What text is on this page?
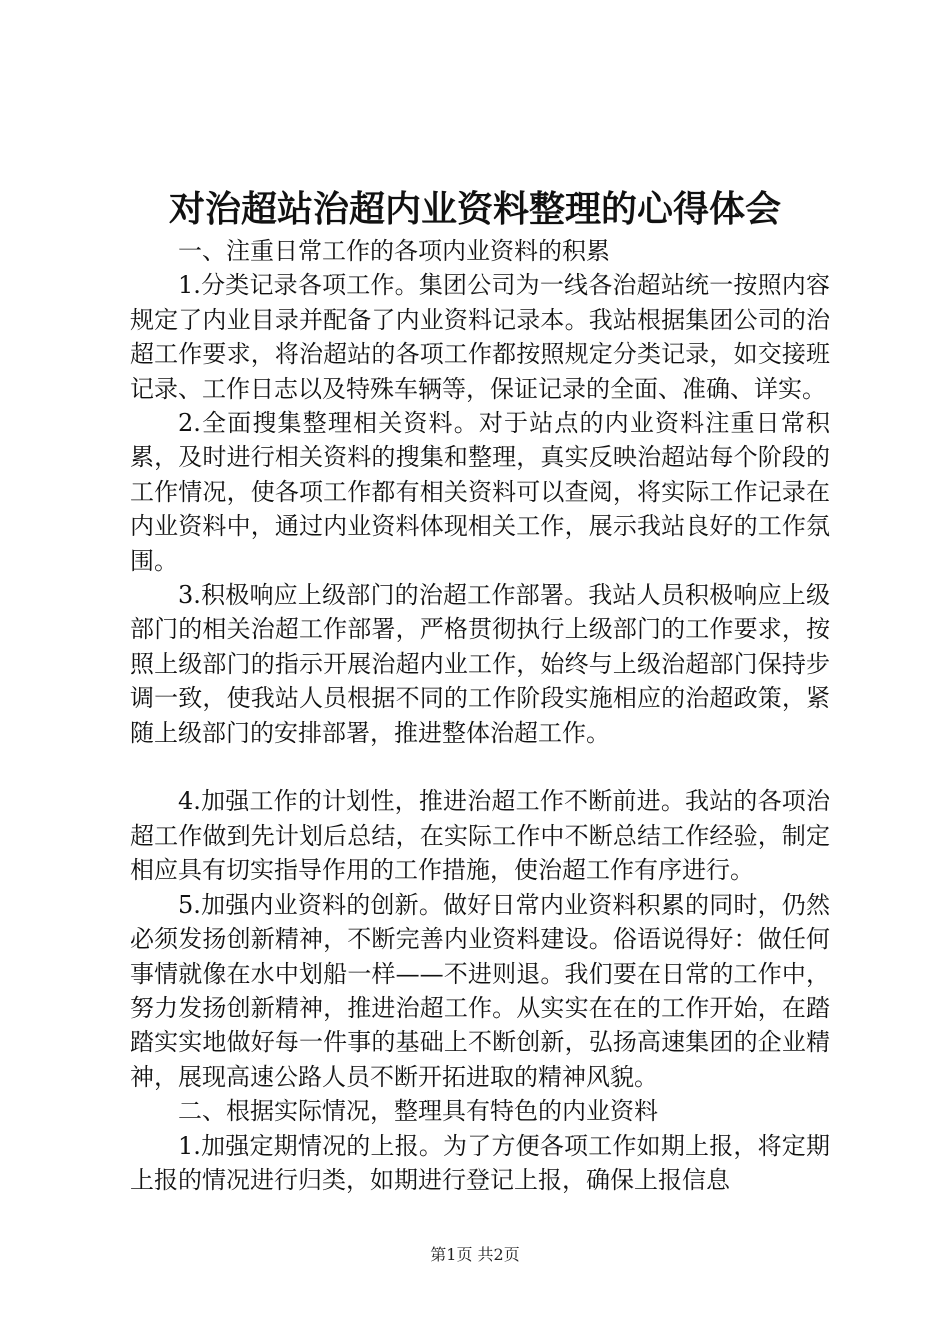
对治超站治超内业资料整理的心得体会

一、注重日常工作的各项内业资料的积累

1.分类记录各项工作。集团公司为一线各治超站统一按照内容规定了内业目录并配备了内业资料记录本。我站根据集团公司的治超工作要求，将治超站的各项工作都按照规定分类记录，如交接班记录、工作日志以及特殊车辆等，保证记录的全面、准确、详实。

2.全面搜集整理相关资料。对于站点的内业资料注重日常积累，及时进行相关资料的搜集和整理，真实反映治超站每个阶段的工作情况，使各项工作都有相关资料可以查阅，将实际工作记录在内业资料中，通过内业资料体现相关工作，展示我站良好的工作氛围。

3.积极响应上级部门的治超工作部署。我站人员积极响应上级部门的相关治超工作部署，严格贯彻执行上级部门的工作要求，按照上级部门的指示开展治超内业工作，始终与上级治超部门保持步调一致，使我站人员根据不同的工作阶段实施相应的治超政策，紧随上级部门的安排部署，推进整体治超工作。

4.加强工作的计划性，推进治超工作不断前进。我站的各项治超工作做到先计划后总结，在实际工作中不断总结工作经验，制定相应具有切实指导作用的工作措施，使治超工作有序进行。

5.加强内业资料的创新。做好日常内业资料积累的同时，仍然必须发扬创新精神，不断完善内业资料建设。俗语说得好：做任何事情就像在水中划船一样——不进则退。我们要在日常的工作中，努力发扬创新精神，推进治超工作。从实实在在的工作开始，在踏踏实实地做好每一件事的基础上不断创新，弘扬高速集团的企业精神，展现高速公路人员不断开拓进取的精神风貌。

二、根据实际情况，整理具有特色的内业资料

1.加强定期情况的上报。为了方便各项工作如期上报，将定期上报的情况进行归类，如期进行登记上报，确保上报信息

第1页 共2页
